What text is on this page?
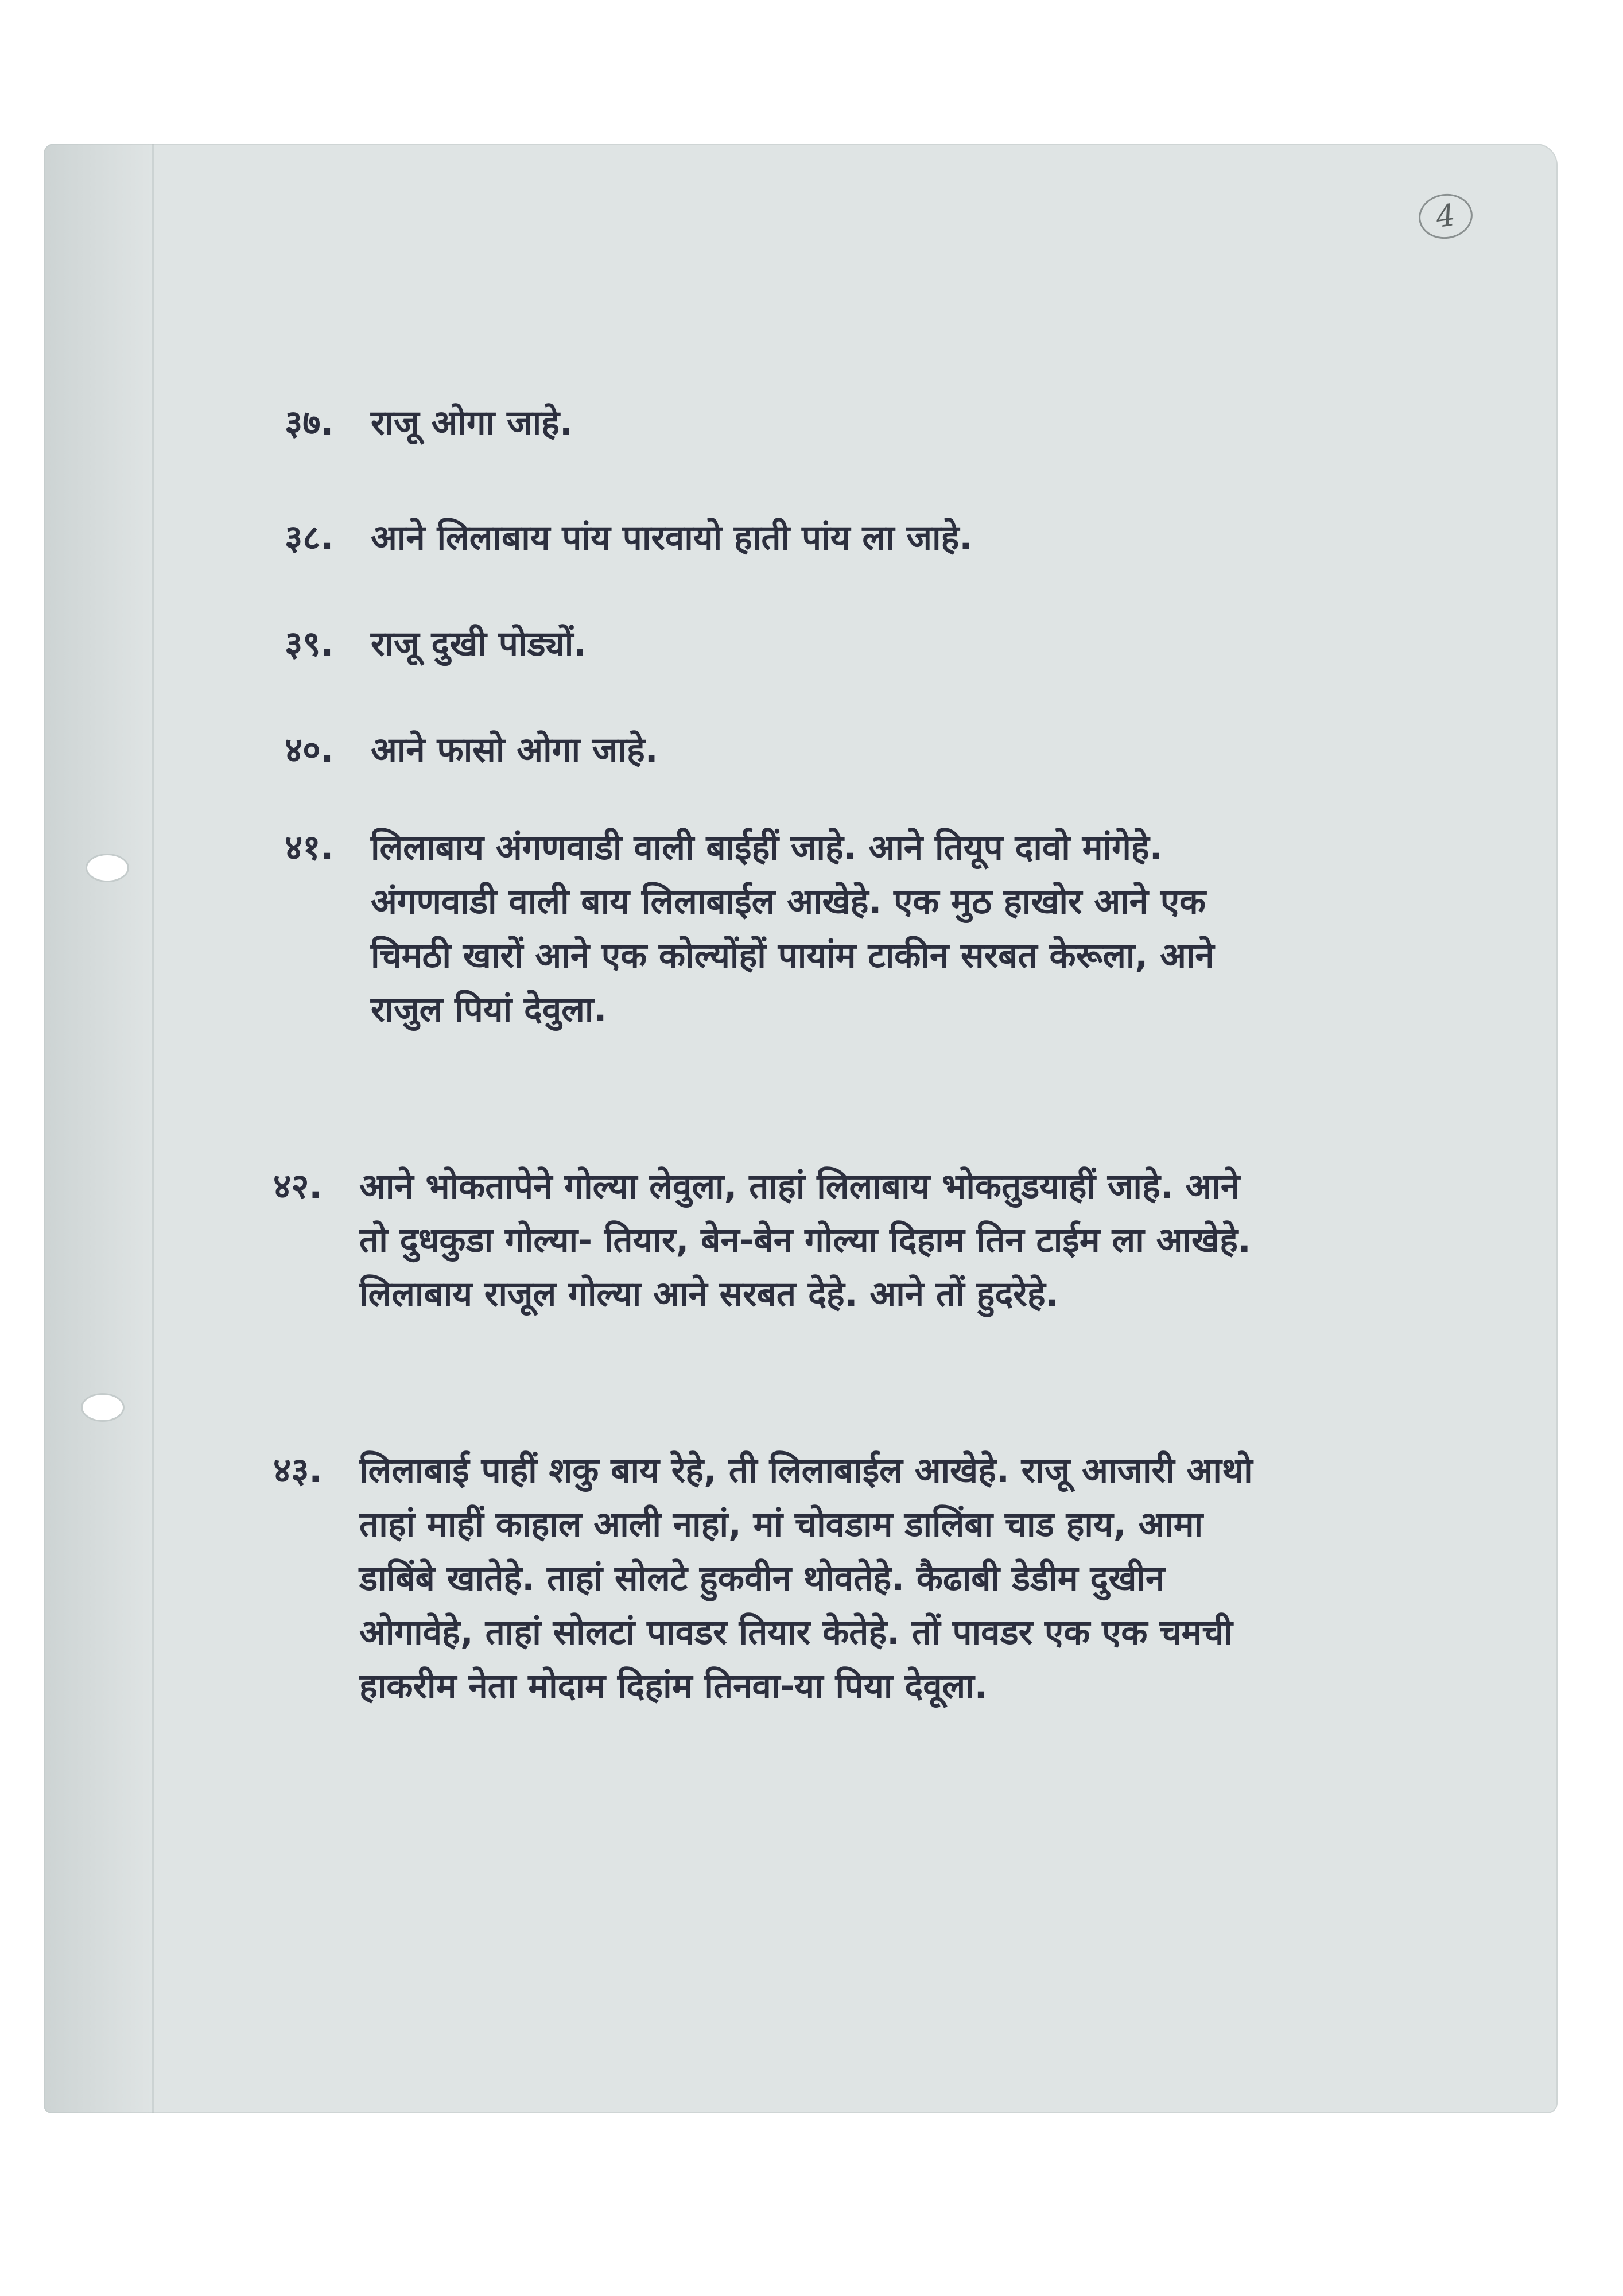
4
३७.	राजू ओगा जाहे.
३८.	आने लिलाबाय पांय पारवायो हाती पांय ला जाहे.
३९.	राजू दुखी पोड्यों.
४०.	आने फासो ओगा जाहे.
४१.	लिलाबाय अंगणवाडी वाली बाईहीं जाहे. आने तियूप दावो मांगेहे. अंगणवाडी वाली बाय लिलाबाईल आखेहे. एक मुठ हाखोर आने एक चिमठी खारों आने एक कोल्योंहों पायांम टाकीन सरबत केरूला, आने राजुल पियां देवुला.
४२.	आने भोकतापेने गोल्या लेवुला, ताहां लिलाबाय भोकतुडयाहीं जाहे. आने तो दुधकुडा गोल्या- तियार, बेन-बेन गोल्या दिहाम तिन टाईम ला आखेहे. लिलाबाय राजूल गोल्या आने सरबत देहे. आने तों हुदरेहे.
४३.	लिलाबाई पाहीं शकु बाय रेहे, ती लिलाबाईल आखेहे. राजू आजारी आथो ताहां माहीं काहाल आली नाहां, मां चोवडाम डालिंबा चाड हाय, आमा डाबिंबे खातेहे. ताहां सोलटे हुकवीन थोवतेहे. कैढाबी डेडीम दुखीन ओगावेहे, ताहां सोलटां पावडर तियार केतेहे. तों पावडर एक एक चमची हाकरीम नेता मोदाम दिहांम तिनवा-या पिया देवूला.
